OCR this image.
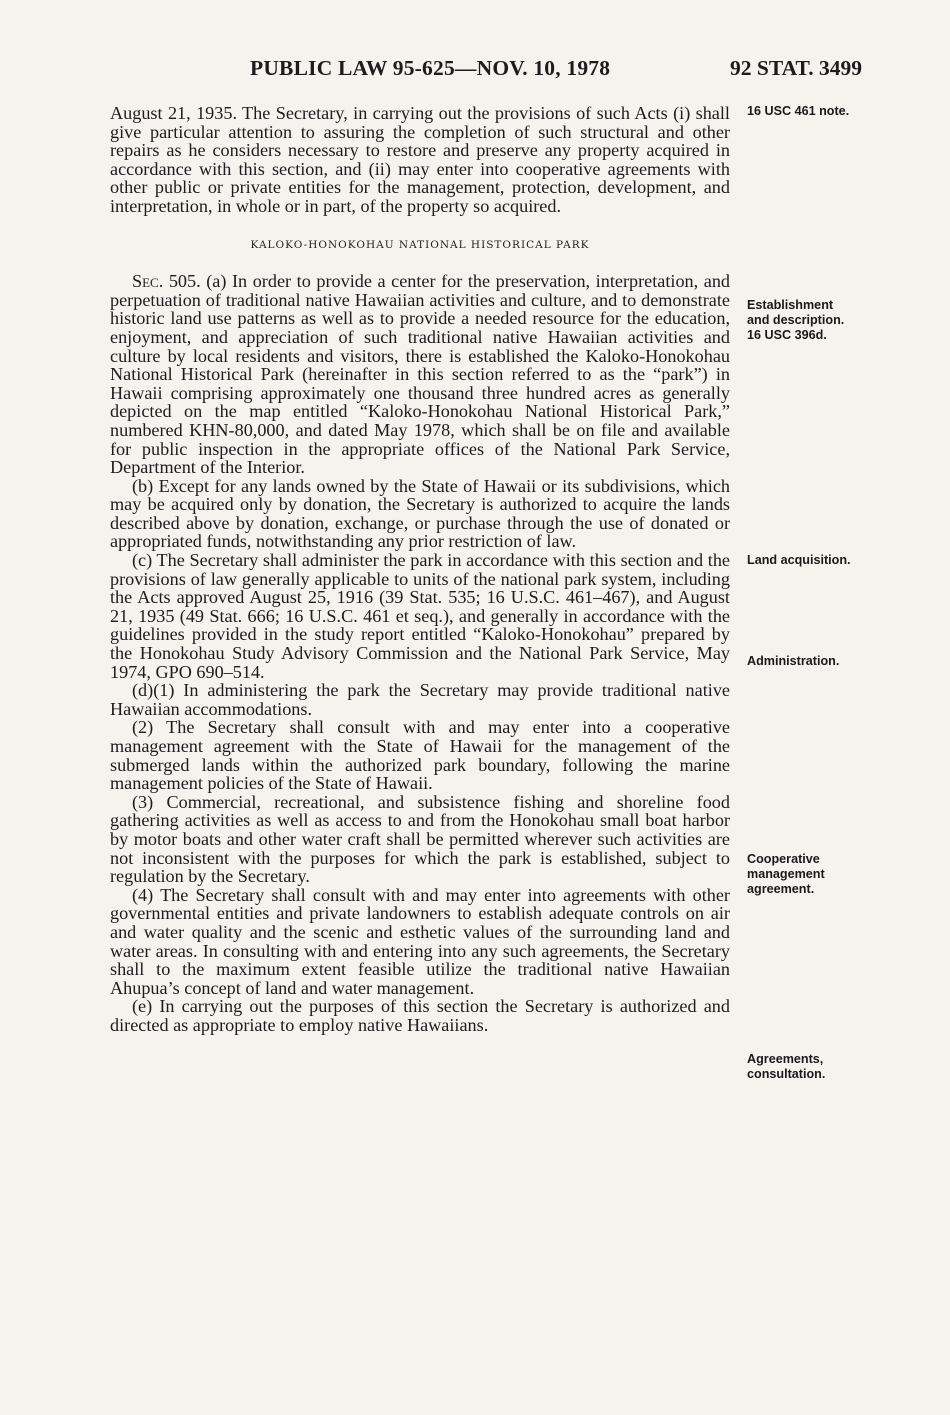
PUBLIC LAW 95-625—NOV. 10, 1978	92 STAT. 3499

August 21, 1935. The Secretary, in carrying out the provisions of such Acts (i) shall give particular attention to assuring the completion of such structural and other repairs as he considers necessary to restore and preserve any property acquired in accordance with this section, and (ii) may enter into cooperative agreements with other public or private entities for the management, protection, development, and interpretation, in whole or in part, of the property so acquired.

KALOKO-HONOKOHAU NATIONAL HISTORICAL PARK

Sec. 505. (a) In order to provide a center for the preservation, interpretation, and perpetuation of traditional native Hawaiian activities and culture, and to demonstrate historic land use patterns as well as to provide a needed resource for the education, enjoyment, and appreciation of such traditional native Hawaiian activities and culture by local residents and visitors, there is established the Kaloko-Honokohau National Historical Park (hereinafter in this section referred to as the “park”) in Hawaii comprising approximately one thousand three hundred acres as generally depicted on the map entitled “Kaloko-Honokohau National Historical Park,” numbered KHN-80,000, and dated May 1978, which shall be on file and available for public inspection in the appropriate offices of the National Park Service, Department of the Interior.

(b) Except for any lands owned by the State of Hawaii or its subdivisions, which may be acquired only by donation, the Secretary is authorized to acquire the lands described above by donation, exchange, or purchase through the use of donated or appropriated funds, notwithstanding any prior restriction of law.

(c) The Secretary shall administer the park in accordance with this section and the provisions of law generally applicable to units of the national park system, including the Acts approved August 25, 1916 (39 Stat. 535; 16 U.S.C. 461–467), and August 21, 1935 (49 Stat. 666; 16 U.S.C. 461 et seq.), and generally in accordance with the guidelines provided in the study report entitled “Kaloko-Honokohau” prepared by the Honokohau Study Advisory Commission and the National Park Service, May 1974, GPO 690–514.

(d)(1) In administering the park the Secretary may provide traditional native Hawaiian accommodations.

(2) The Secretary shall consult with and may enter into a cooperative management agreement with the State of Hawaii for the management of the submerged lands within the authorized park boundary, following the marine management policies of the State of Hawaii.

(3) Commercial, recreational, and subsistence fishing and shoreline food gathering activities as well as access to and from the Honokohau small boat harbor by motor boats and other water craft shall be permitted wherever such activities are not inconsistent with the purposes for which the park is established, subject to regulation by the Secretary.

(4) The Secretary shall consult with and may enter into agreements with other governmental entities and private landowners to establish adequate controls on air and water quality and the scenic and esthetic values of the surrounding land and water areas. In consulting with and entering into any such agreements, the Secretary shall to the maximum extent feasible utilize the traditional native Hawaiian Ahupua’s concept of land and water management.

(e) In carrying out the purposes of this section the Secretary is authorized and directed as appropriate to employ native Hawaiians.

16 USC 461 note.
Establishment
and description.
16 USC 396d.
Land acquisition.
Administration.
Cooperative
management
agreement.
Agreements,
consultation.
